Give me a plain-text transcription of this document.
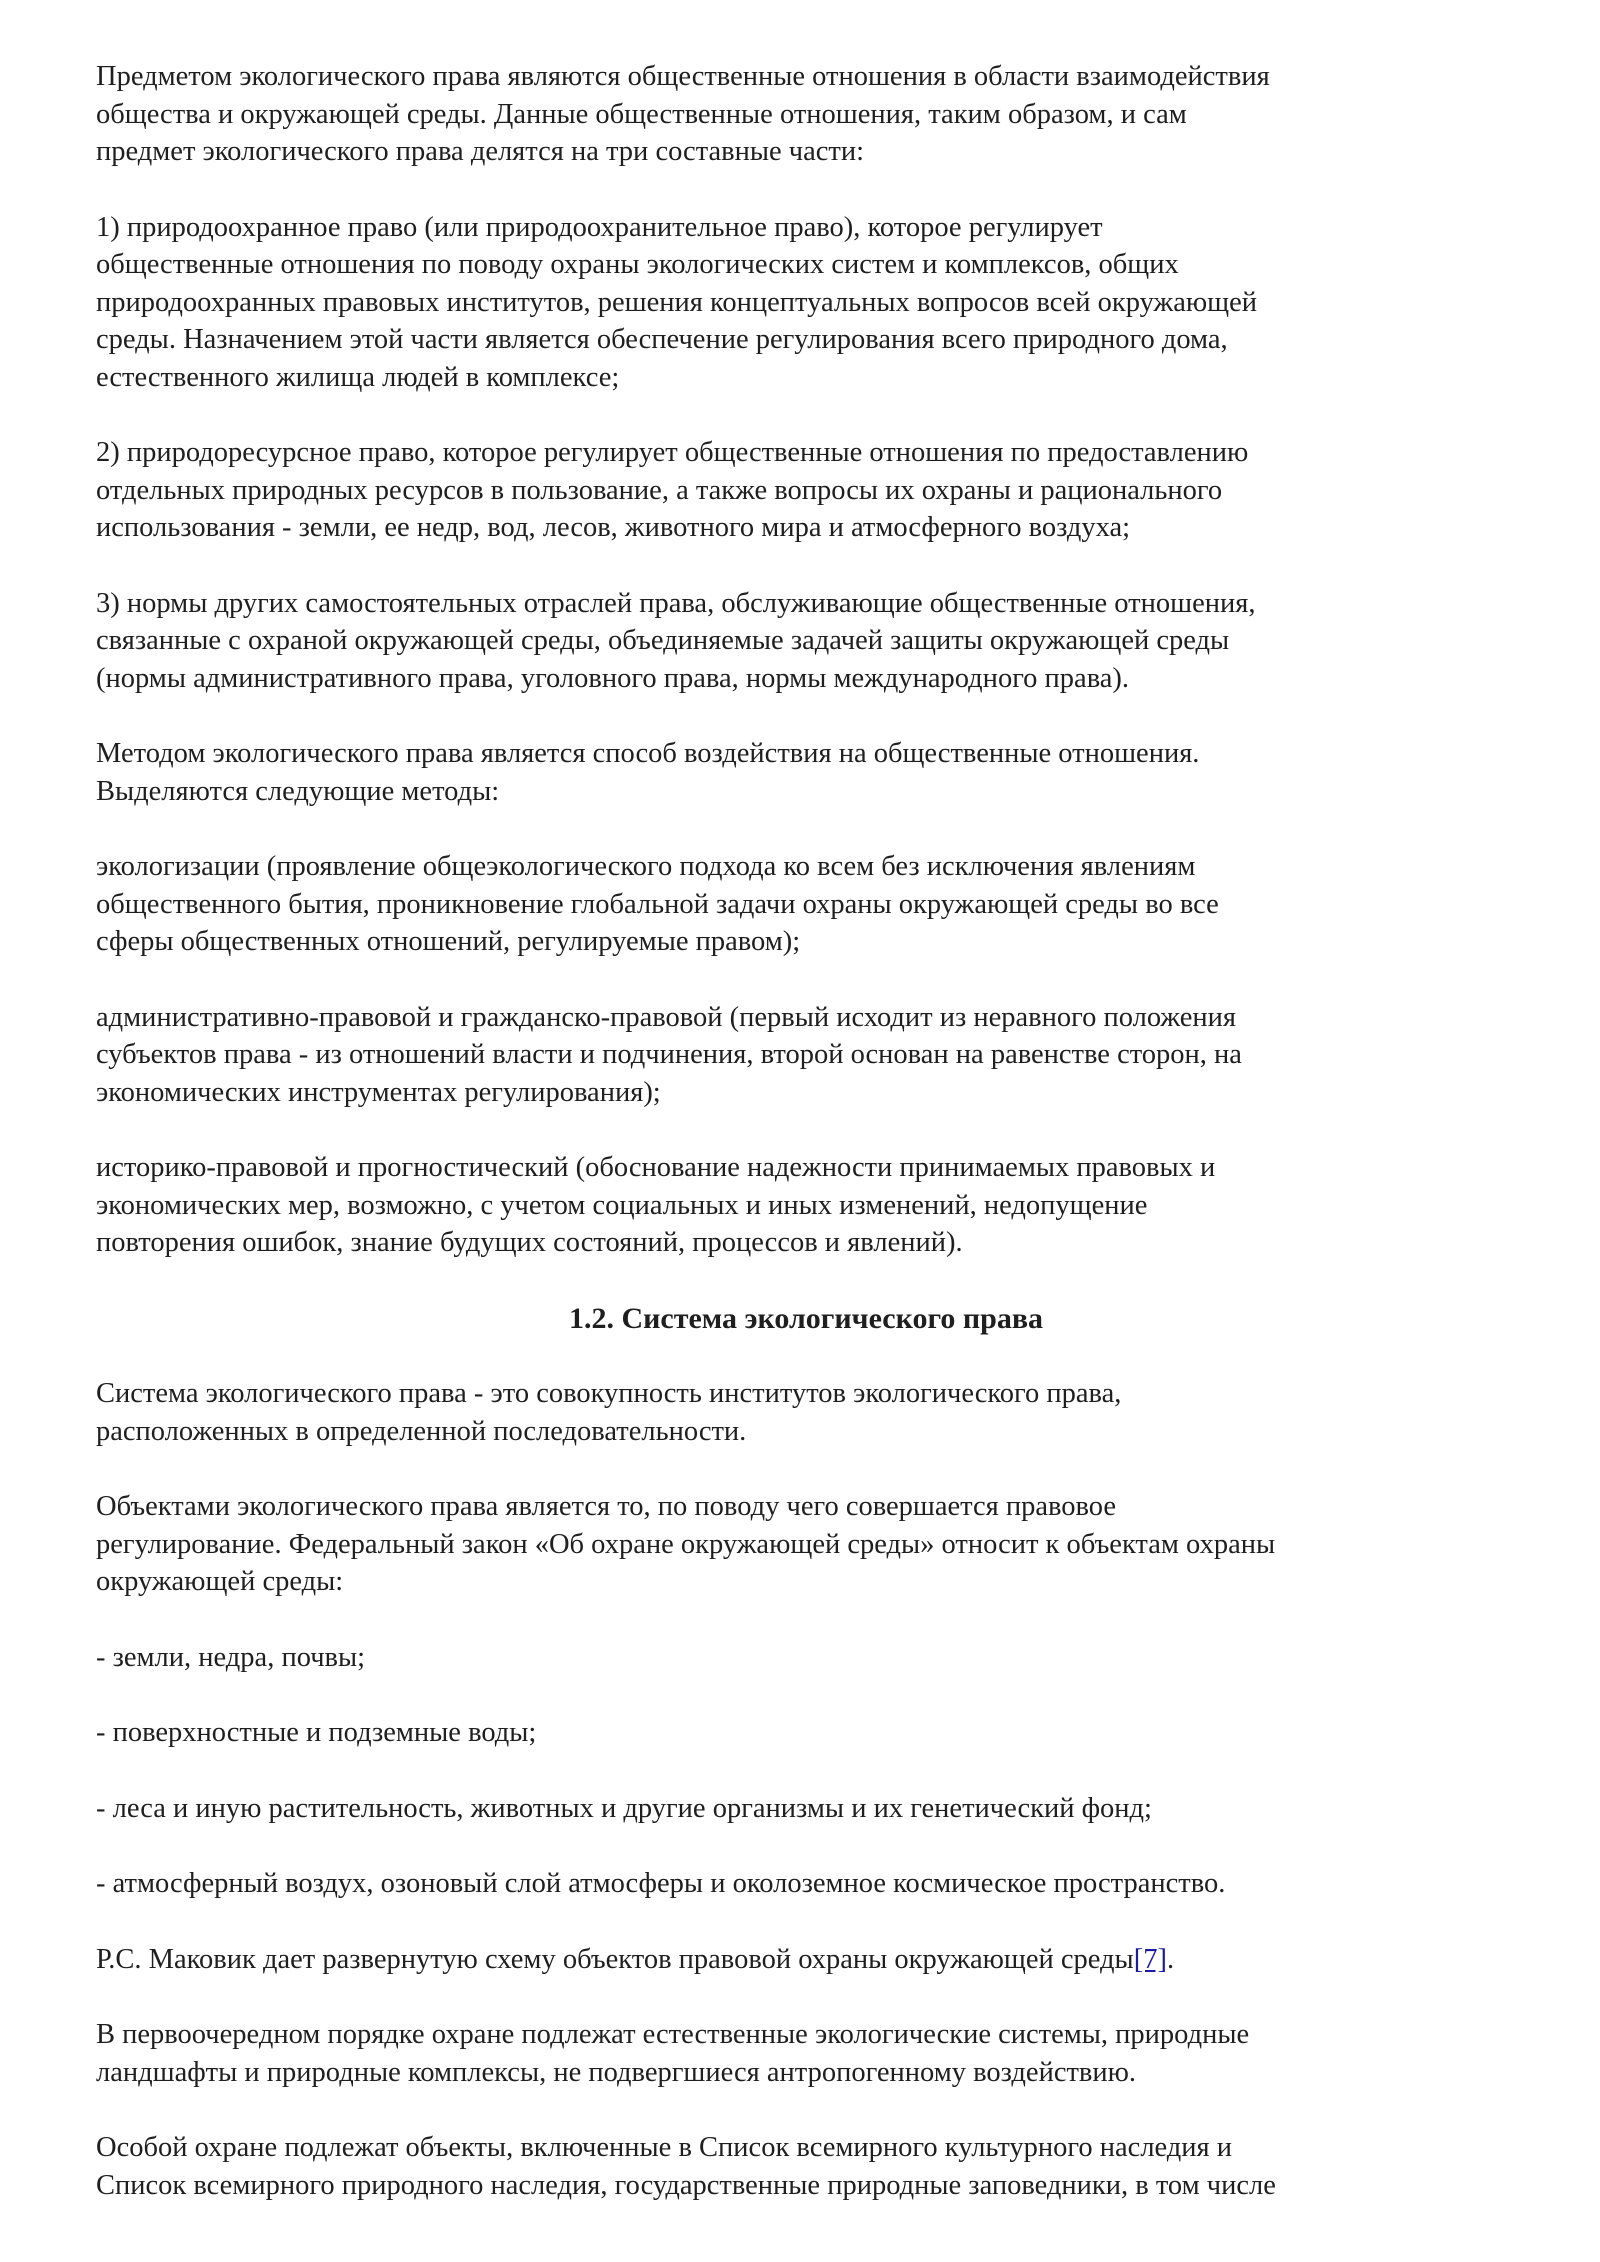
Предметом экологического права являются общественные отношения в области взаимодействия
общества и окружающей среды. Данные общественные отношения, таким образом, и сам
предмет экологического права делятся на три составные части:

1) природоохранное право (или природоохранительное право), которое регулирует
общественные отношения по поводу охраны экологических систем и комплексов, общих
природоохранных правовых институтов, решения концептуальных вопросов всей окружающей
среды. Назначением этой части является обеспечение регулирования всего природного дома,
естественного жилища людей в комплексе;

2) природоресурсное право, которое регулирует общественные отношения по предоставлению
отдельных природных ресурсов в пользование, а также вопросы их охраны и рационального
использования - земли, ее недр, вод, лесов, животного мира и атмосферного воздуха;

3) нормы других самостоятельных отраслей права, обслуживающие общественные отношения,
связанные с охраной окружающей среды, объединяемые задачей защиты окружающей среды
(нормы административного права, уголовного права, нормы международного права).

Методом экологического права является способ воздействия на общественные отношения.
Выделяются следующие методы:

экологизации (проявление общеэкологического подхода ко всем без исключения явлениям
общественного бытия, проникновение глобальной задачи охраны окружающей среды во все
сферы общественных отношений, регулируемые правом);

административно-правовой и гражданско-правовой (первый исходит из неравного положения
субъектов права - из отношений власти и подчинения, второй основан на равенстве сторон, на
экономических инструментах регулирования);

историко-правовой и прогностический (обоснование надежности принимаемых правовых и
экономических мер, возможно, с учетом социальных и иных изменений, недопущение
повторения ошибок, знание будущих состояний, процессов и явлений).

1.2. Система экологического права

Система экологического права - это совокупность институтов экологического права,
расположенных в определенной последовательности.

Объектами экологического права является то, по поводу чего совершается правовое
регулирование. Федеральный закон «Об охране окружающей среды» относит к объектам охраны
окружающей среды:

- земли, недра, почвы;

- поверхностные и подземные воды;

- леса и иную растительность, животных и другие организмы и их генетический фонд;

- атмосферный воздух, озоновый слой атмосферы и околоземное космическое пространство.

Р.С. Маковик дает развернутую схему объектов правовой охраны окружающей среды[7].

В первоочередном порядке охране подлежат естественные экологические системы, природные
ландшафты и природные комплексы, не подвергшиеся антропогенному воздействию.

Особой охране подлежат объекты, включенные в Список всемирного культурного наследия и
Список всемирного природного наследия, государственные природные заповедники, в том числе
